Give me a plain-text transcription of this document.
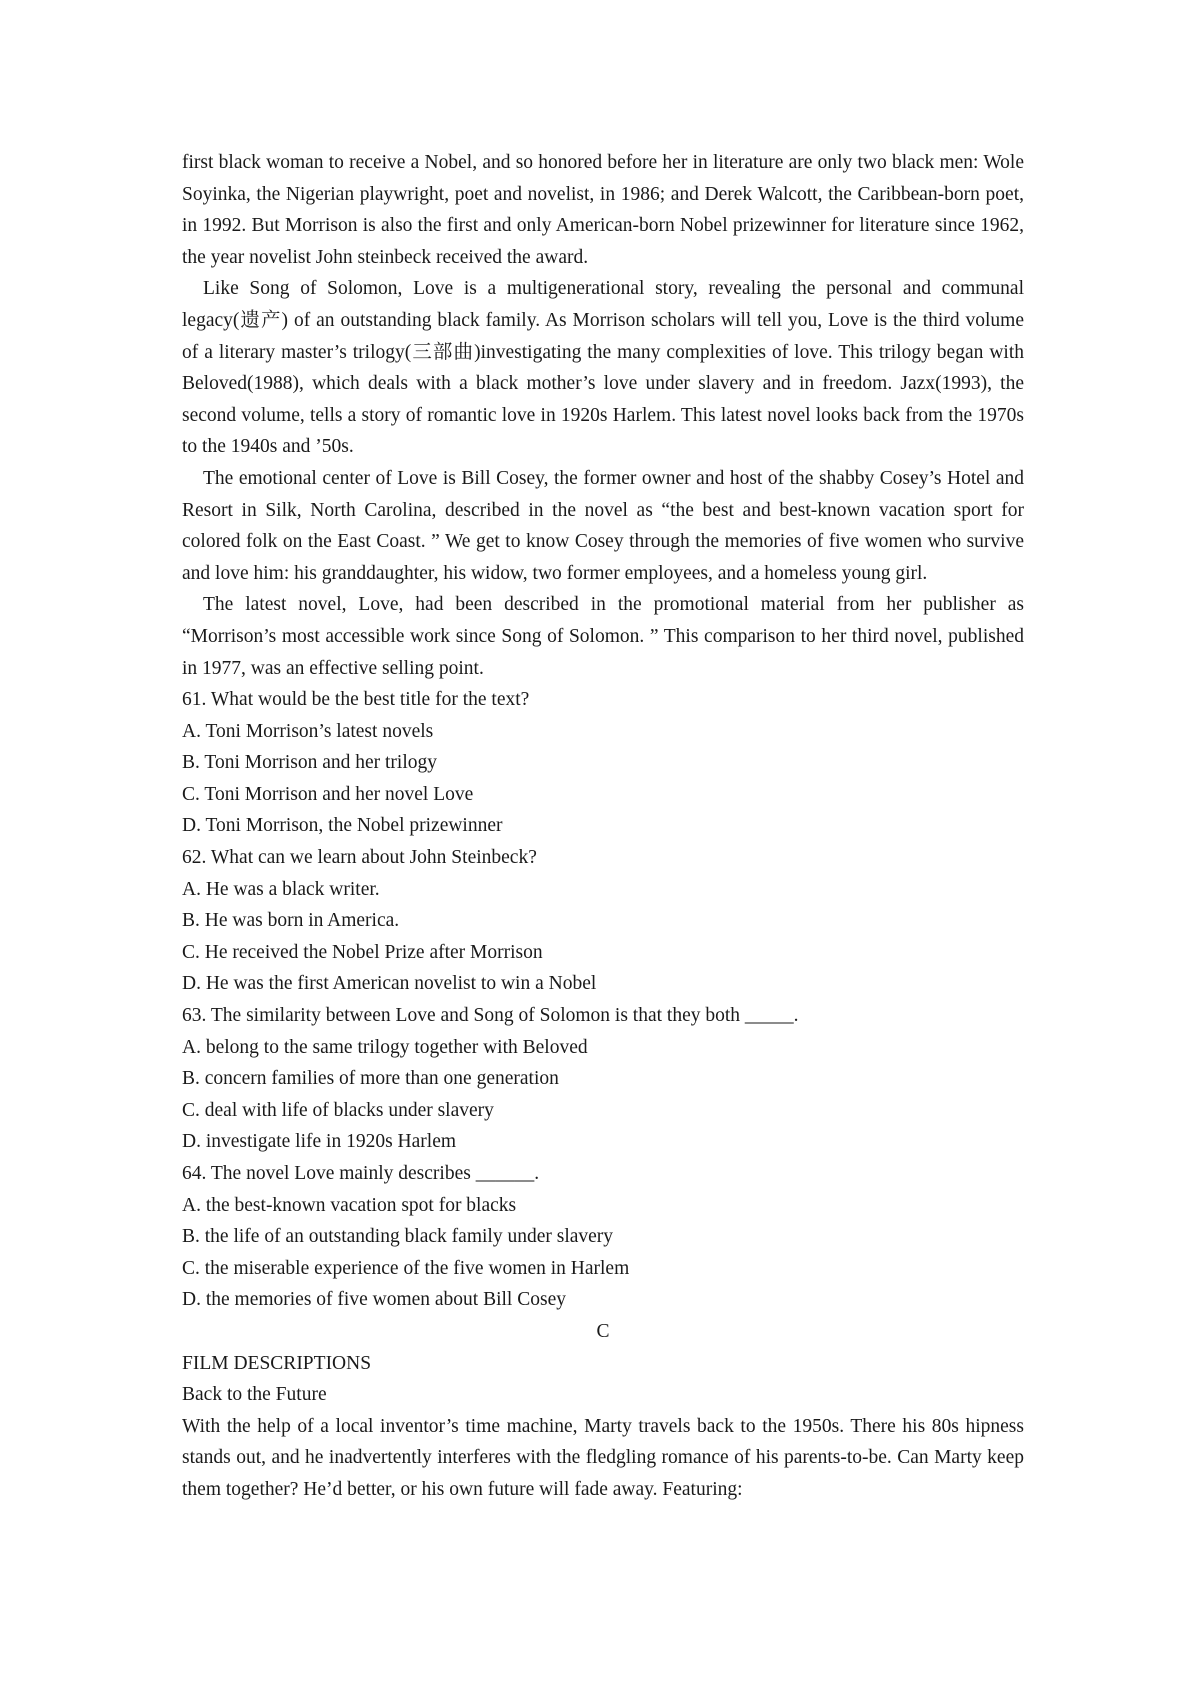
first black woman to receive a Nobel, and so honored before her in literature are only two black men: Wole Soyinka, the Nigerian playwright, poet and novelist, in 1986; and Derek Walcott, the Caribbean-born poet, in 1992. But Morrison is also the first and only American-born Nobel prizewinner for literature since 1962, the year novelist John steinbeck received the award.

Like Song of Solomon, Love is a multigenerational story, revealing the personal and communal legacy(遗产) of an outstanding black family. As Morrison scholars will tell you, Love is the third volume of a literary master’s trilogy(三部曲)investigating the many complexities of love. This trilogy began with Beloved(1988), which deals with a black mother’s love under slavery and in freedom. Jazx(1993), the second volume, tells a story of romantic love in 1920s Harlem. This latest novel looks back from the 1970s to the 1940s and ’50s.

The emotional center of Love is Bill Cosey, the former owner and host of the shabby Cosey’s Hotel and Resort in Silk, North Carolina, described in the novel as “the best and best-known vacation sport for colored folk on the East Coast. ” We get to know Cosey through the memories of five women who survive and love him: his granddaughter, his widow, two former employees, and a homeless young girl.

The latest novel, Love, had been described in the promotional material from her publisher as “Morrison’s most accessible work since Song of Solomon. ” This comparison to her third novel, published in 1977, was an effective selling point.

61. What would be the best title for the text?

A. Toni Morrison’s latest novels

B. Toni Morrison and her trilogy

C. Toni Morrison and her novel Love

D. Toni Morrison, the Nobel prizewinner

62. What can we learn about John Steinbeck?

A. He was a black writer.

B. He was born in America.

C. He received the Nobel Prize after Morrison

D. He was the first American novelist to win a Nobel

63. The similarity between Love and Song of Solomon is that they both _____.

A. belong to the same trilogy together with Beloved

B. concern families of more than one generation

C. deal with life of blacks under slavery

D. investigate life in 1920s Harlem

64. The novel Love mainly describes ______.

A. the best-known vacation spot for blacks

B. the life of an outstanding black family under slavery

C. the miserable experience of the five women in Harlem

D. the memories of five women about Bill Cosey

C

FILM DESCRIPTIONS

Back to the Future

With the help of a local inventor’s time machine, Marty travels back to the 1950s. There his 80s hipness stands out, and he inadvertently interferes with the fledgling romance of his parents-to-be. Can Marty keep them together? He’d better, or his own future will fade away. Featuring:
